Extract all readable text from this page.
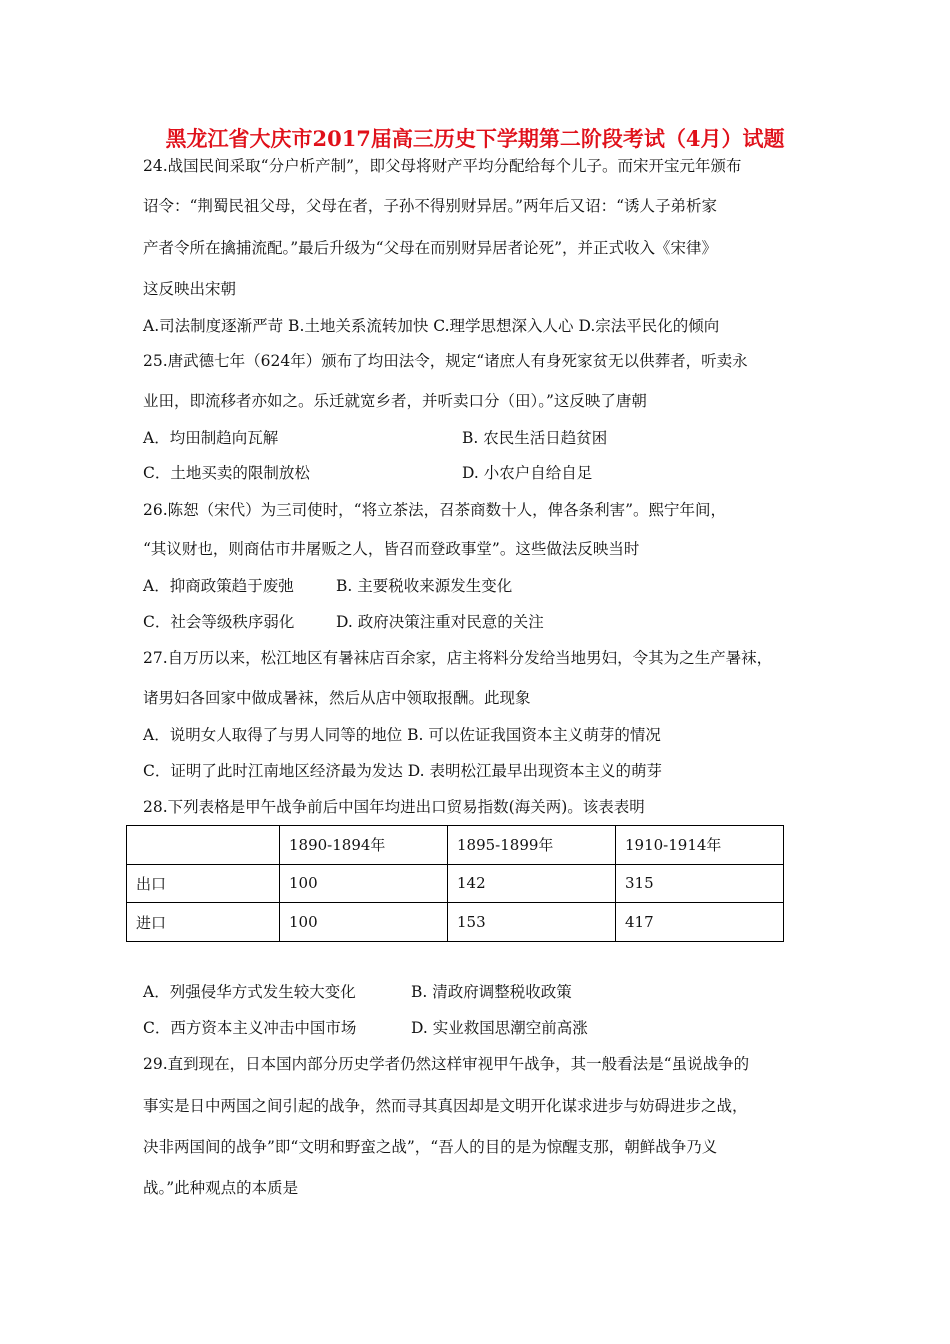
黑龙江省大庆市2017届高三历史下学期第二阶段考试（4月）试题
24.战国民间采取“分户析产制”，即父母将财产平均分配给每个儿子。而宋开宝元年颁布
诏令：“荆蜀民祖父母，父母在者，子孙不得别财异居。”两年后又诏：“诱人子弟析家
产者令所在擒捕流配。”最后升级为“父母在而别财异居者论死”，并正式收入《宋律》
这反映出宋朝
A.司法制度逐渐严苛 B.土地关系流转加快 C.理学思想深入人心 D.宗法平民化的倾向
25.唐武德七年（624年）颁布了均田法令，规定“诸庶人有身死家贫无以供葬者，听卖永
业田，即流移者亦如之。乐迁就宽乡者，并听卖口分（田）。”这反映了唐朝
A．均田制趋向瓦解	B. 农民生活日趋贫困
C．土地买卖的限制放松	D. 小农户自给自足
26.陈恕（宋代）为三司使时，“将立茶法，召茶商数十人，俾各条利害”。熙宁年间，
“其议财也，则商估市井屠贩之人，皆召而登政事堂”。这些做法反映当时
A．抑商政策趋于废弛	B. 主要税收来源发生变化
C．社会等级秩序弱化	D. 政府决策注重对民意的关注
27.自万历以来，松江地区有暑袜店百余家，店主将料分发给当地男妇，令其为之生产暑袜，
诸男妇各回家中做成暑袜，然后从店中领取报酬。此现象
A．说明女人取得了与男人同等的地位 B. 可以佐证我国资本主义萌芽的情况
C．证明了此时江南地区经济最为发达 D. 表明松江最早出现资本主义的萌芽
28.下列表格是甲午战争前后中国年均进出口贸易指数(海关两)。该表表明
	1890-1894年	1895-1899年	1910-1914年
出口	100	142	315
进口	100	153	417
A．列强侵华方式发生较大变化	B. 清政府调整税收政策
C．西方资本主义冲击中国市场	D. 实业救国思潮空前高涨
29.直到现在，日本国内部分历史学者仍然这样审视甲午战争，其一般看法是“虽说战争的
事实是日中两国之间引起的战争，然而寻其真因却是文明开化谋求进步与妨碍进步之战，
决非两国间的战争”即“文明和野蛮之战”，“吾人的目的是为惊醒支那，朝鲜战争乃义
战。”此种观点的本质是
